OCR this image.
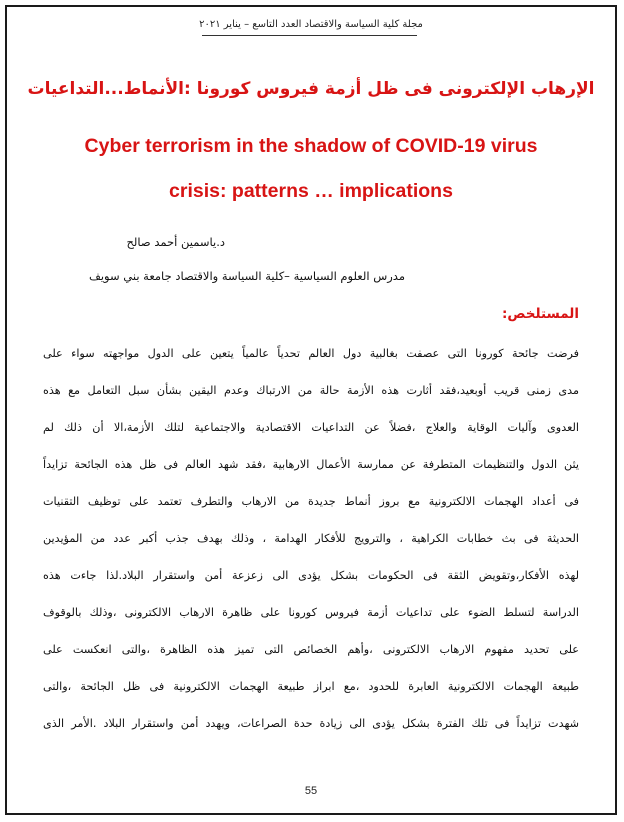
مجلة كلية السياسة والاقتصاد العدد التاسع – يناير ٢٠٢١
الإرهاب الإلكترونى فى ظل أزمة فيروس كورونا :الأنماط...التداعيات
Cyber terrorism in the shadow of COVID-19 virus
crisis: patterns … implications
د.ياسمين أحمد صالح
مدرس العلوم السياسية –كلية السياسة والاقتصاد جامعة بني سويف
المستلخص:
فرضت جائحة كورونا التى عصفت بغالبية دول العالم تحدياً عالمياً يتعين على الدول مواجهته سواء على
مدى زمنى قريب أوبعيد،فقد أثارت هذه الأزمة حالة من الارتباك وعدم اليقين بشأن سبل التعامل مع هذه
العدوى وآليات الوقاية والعلاج ،فضلاً عن التداعيات الاقتصادية والاجتماعية لتلك الأزمة،الا أن ذلك لم
يثن الدول والتنظيمات المتطرفة عن ممارسة الأعمال الارهابية ،فقد شهد العالم فى ظل هذه الجائحة تزايداً
فى أعداد الهجمات الالكترونية مع بروز أنماط جديدة من الارهاب والتطرف تعتمد على توظيف التقنيات
الحديثة فى بث خطابات الكراهية ، والترويج للأفكار الهدامة ، وذلك بهدف جذب أكبر عدد من المؤيدين
لهذه الأفكار،وتقويض الثقة فى الحكومات بشكل يؤدى الى زعزعة أمن واستقرار البلاد.لذا جاءت هذه
الدراسة لتسلط الضوء على تداعيات أزمة فيروس كورونا على ظاهرة الارهاب الالكترونى ،وذلك بالوقوف
على تحديد مفهوم الارهاب الالكترونى ،وأهم الخصائص التى تميز هذه الظاهرة ،والتى انعكست على
طبيعة الهجمات الالكترونية العابرة للحدود ،مع ابراز طبيعة الهجمات الالكترونية فى ظل الجائحة ،والتى
شهدت تزايداً فى تلك الفترة بشكل يؤدى الى زيادة حدة الصراعات، ويهدد أمن واستقرار البلاد .الأمر الذى
55
